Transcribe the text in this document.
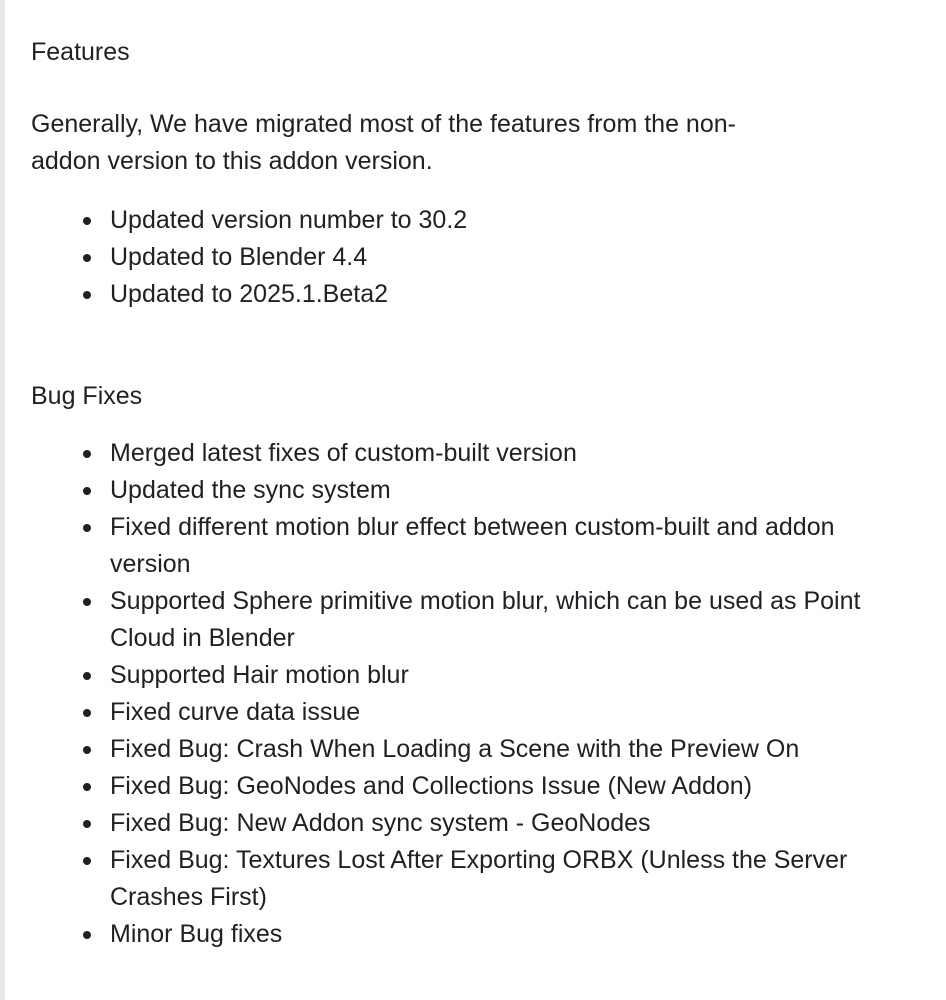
Features

Generally, We have migrated most of the features from the non-addon version to this addon version.

Updated version number to 30.2
Updated to Blender 4.4
Updated to 2025.1.Beta2
Bug Fixes
Merged latest fixes of custom-built version
Updated the sync system
Fixed different motion blur effect between custom-built and addon version
Supported Sphere primitive motion blur, which can be used as Point Cloud in Blender
Supported Hair motion blur
Fixed curve data issue
Fixed Bug: Crash When Loading a Scene with the Preview On
Fixed Bug: GeoNodes and Collections Issue (New Addon)
Fixed Bug: New Addon sync system - GeoNodes
Fixed Bug: Textures Lost After Exporting ORBX (Unless the Server Crashes First)
Minor Bug fixes
